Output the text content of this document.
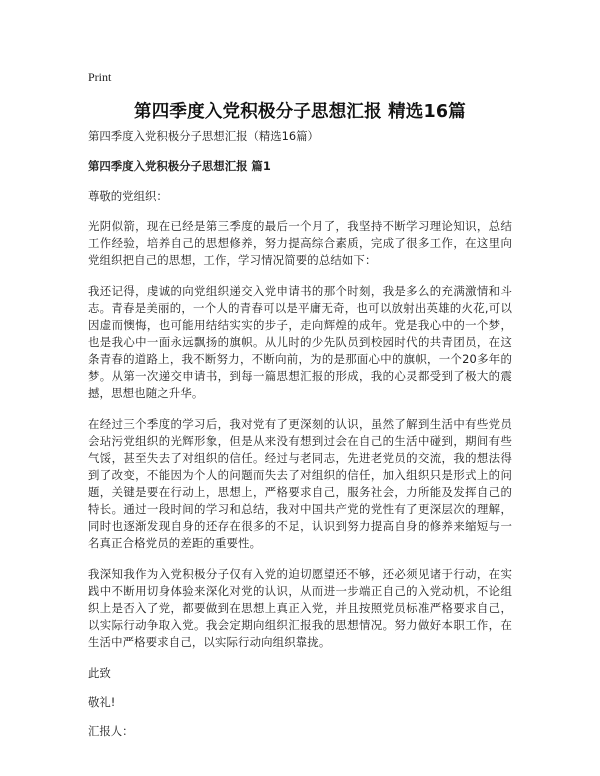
Print
第四季度入党积极分子思想汇报 精选16篇

第四季度入党积极分子思想汇报（精选16篇）

第四季度入党积极分子思想汇报 篇1

尊敬的党组织：

光阴似箭，现在已经是第三季度的最后一个月了，我坚持不断学习理论知识，总结工作经验，培养自己的思想修养，努力提高综合素质，完成了很多工作，在这里向党组织把自己的思想，工作，学习情况简要的总结如下：

我还记得，虔诚的向党组织递交入党申请书的那个时刻，我是多么的充满激情和斗志。青春是美丽的，一个人的青春可以是平庸无奇，也可以放射出英雄的火花,可以因虚而懊悔，也可能用结结实实的步子，走向辉煌的成年。党是我心中的一个梦，也是我心中一面永远飘扬的旗帜。从儿时的少先队员到校园时代的共青团员，在这条青春的道路上，我不断努力，不断向前，为的是那面心中的旗帜，一个20多年的梦。从第一次递交申请书，到每一篇思想汇报的形成，我的心灵都受到了极大的震撼，思想也随之升华。

在经过三个季度的学习后，我对党有了更深刻的认识，虽然了解到生活中有些党员会玷污党组织的光辉形象，但是从来没有想到过会在自己的生活中碰到，期间有些气馁，甚至失去了对组织的信任。经过与老同志，先进老党员的交流，我的想法得到了改变，不能因为个人的问题而失去了对组织的信任，加入组织只是形式上的问题，关键是要在行动上，思想上，严格要求自己，服务社会，力所能及发挥自己的特长。通过一段时间的学习和总结，我对中国共产党的党性有了更深层次的理解，同时也逐渐发现自身的还存在很多的不足，认识到努力提高自身的修养来缩短与一名真正合格党员的差距的重要性。

我深知我作为入党积极分子仅有入党的迫切愿望还不够，还必须见诸于行动，在实践中不断用切身体验来深化对党的认识，从而进一步端正自己的入党动机，不论组织上是否入了党，都要做到在思想上真正入党，并且按照党员标准严格要求自己，以实际行动争取入党。我会定期向组织汇报我的思想情况。努力做好本职工作，在生活中严格要求自己，以实际行动向组织靠拢。

此致

敬礼!

汇报人：
